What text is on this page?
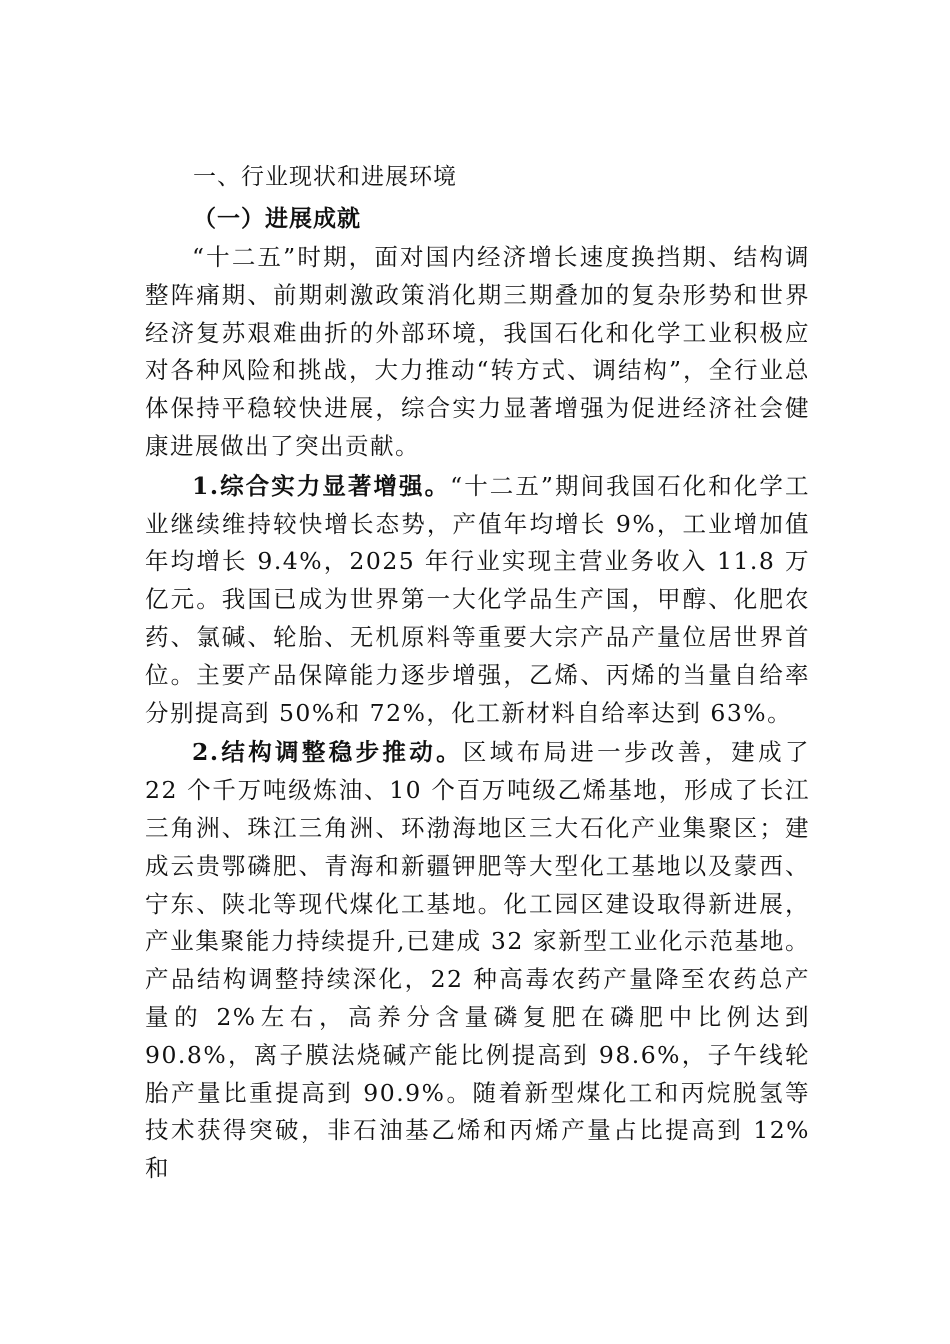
一、行业现状和进展环境
（一）进展成就

“十二五”时期，面对国内经济增长速度换挡期、结构调整阵痛期、前期刺激政策消化期三期叠加的复杂形势和世界经济复苏艰难曲折的外部环境，我国石化和化学工业积极应对各种风险和挑战，大力推动“转方式、调结构”，全行业总体保持平稳较快进展，综合实力显著增强为促进经济社会健康进展做出了突出贡献。

1.综合实力显著增强。“十二五”期间我国石化和化学工业继续维持较快增长态势，产值年均增长 9%，工业增加值年均增长 9.4%，2025 年行业实现主营业务收入 11.8 万亿元。我国已成为世界第一大化学品生产国，甲醇、化肥农药、氯碱、轮胎、无机原料等重要大宗产品产量位居世界首位。主要产品保障能力逐步增强，乙烯、丙烯的当量自给率分别提高到 50%和 72%，化工新材料自给率达到 63%。

2.结构调整稳步推动。区域布局进一步改善，建成了 22 个千万吨级炼油、10 个百万吨级乙烯基地，形成了长江三角洲、珠江三角洲、环渤海地区三大石化产业集聚区；建成云贵鄂磷肥、青海和新疆钾肥等大型化工基地以及蒙西、宁东、陕北等现代煤化工基地。化工园区建设取得新进展，产业集聚能力持续提升,已建成 32 家新型工业化示范基地。产品结构调整持续深化，22 种高毒农药产量降至农药总产量的 2%左右，高养分含量磷复肥在磷肥中比例达到 90.8%，离子膜法烧碱产能比例提高到 98.6%，子午线轮胎产量比重提高到 90.9%。随着新型煤化工和丙烷脱氢等技术获得突破，非石油基乙烯和丙烯产量占比提高到 12%和
